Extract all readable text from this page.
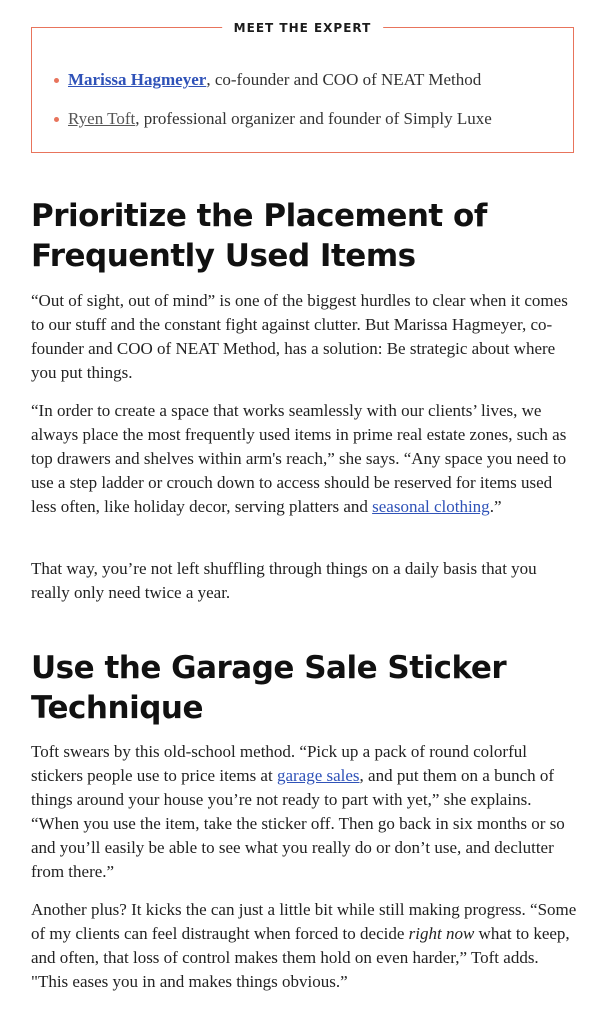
MEET THE EXPERT
Marissa Hagmeyer, co-founder and COO of NEAT Method
Ryen Toft, professional organizer and founder of Simply Luxe
Prioritize the Placement of
Frequently Used Items

“Out of sight, out of mind” is one of the biggest hurdles to clear when it comes to our stuff and the constant fight against clutter. But Marissa Hagmeyer, co-founder and COO of NEAT Method, has a solution: Be strategic about where you put things.

“In order to create a space that works seamlessly with our clients’ lives, we always place the most frequently used items in prime real estate zones, such as top drawers and shelves within arm's reach,” she says. “Any space you need to use a step ladder or crouch down to access should be reserved for items used less often, like holiday decor, serving platters and seasonal clothing.”

That way, you’re not left shuffling through things on a daily basis that you really only need twice a year.

Use the Garage Sale Sticker
Technique

Toft swears by this old-school method. “Pick up a pack of round colorful stickers people use to price items at garage sales, and put them on a bunch of things around your house you’re not ready to part with yet,” she explains. “When you use the item, take the sticker off. Then go back in six months or so and you’ll easily be able to see what you really do or don’t use, and declutter from there.”

Another plus? It kicks the can just a little bit while still making progress. “Some of my clients can feel distraught when forced to decide right now what to keep, and often, that loss of control makes them hold on even harder,” Toft adds. "This eases you in and makes things obvious.”
